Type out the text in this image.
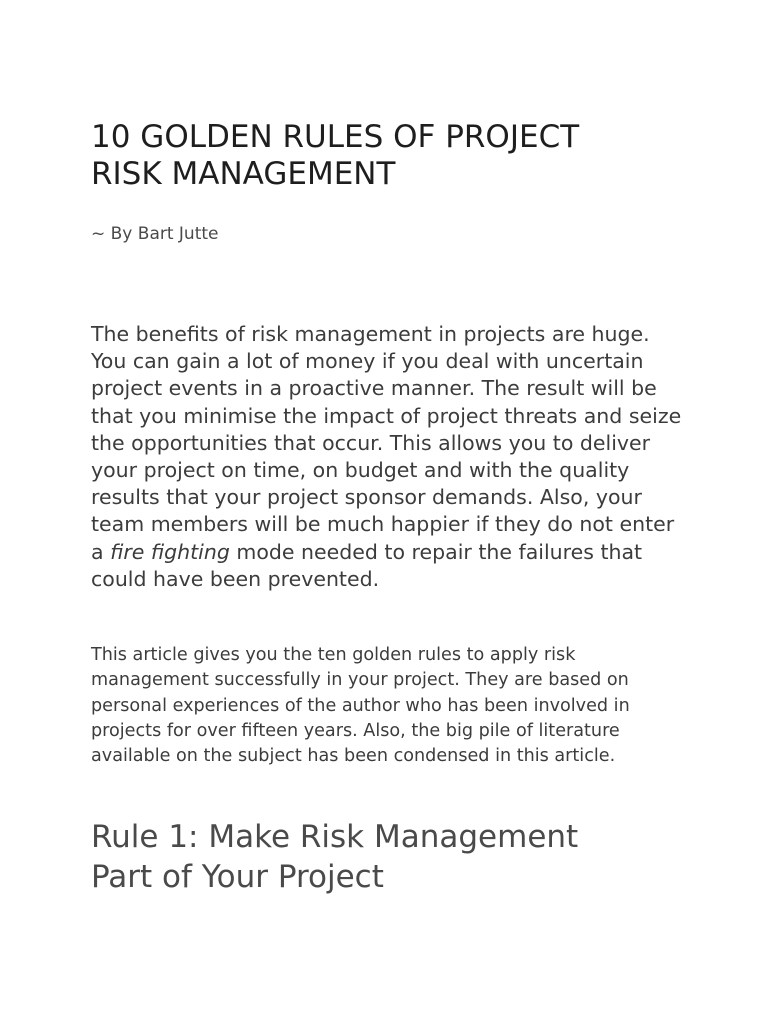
10 GOLDEN RULES OF PROJECT
RISK MANAGEMENT

~ By Bart Jutte

The benefits of risk management in projects are huge. You can gain a lot of money if you deal with uncertain project events in a proactive manner. The result will be that you minimise the impact of project threats and seize the opportunities that occur. This allows you to deliver your project on time, on budget and with the quality results that your project sponsor demands. Also, your team members will be much happier if they do not enter a fire fighting mode needed to repair the failures that could have been prevented.

This article gives you the ten golden rules to apply risk management successfully in your project. They are based on personal experiences of the author who has been involved in projects for over fifteen years. Also, the big pile of literature available on the subject has been condensed in this article.

Rule 1: Make Risk Management
Part of Your Project
